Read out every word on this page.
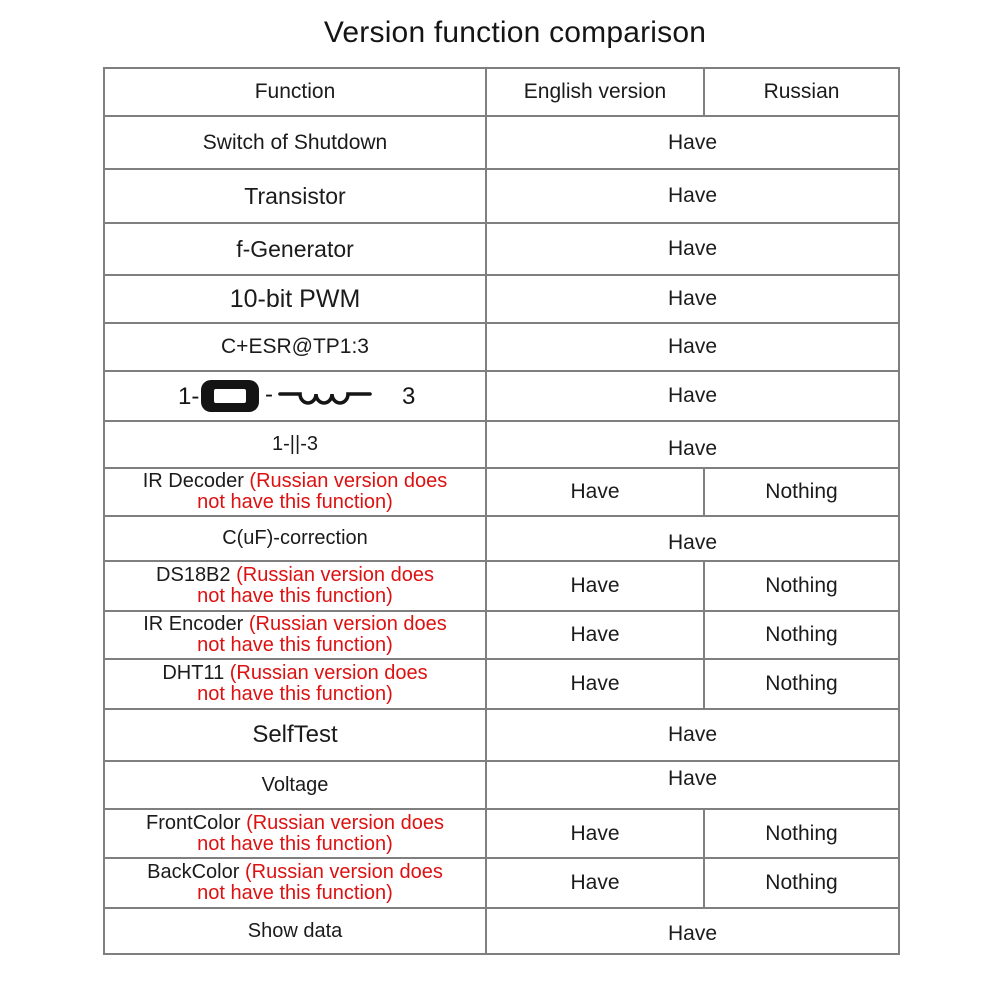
Version function comparison
Function	English version	Russian
Switch of Shutdown	Have	
Transistor	Have	
f-Generator	Have	
10-bit PWM	Have	
C+ESR@TP1:3	Have	

1- - 3	Have	
1-||-3	Have	
IR Decoder (Russian version does
not have this function)	Have	Nothing
C(uF)-correction	Have	
DS18B2 (Russian version does
not have this function)	Have	Nothing
IR Encoder (Russian version does
not have this function)	Have	Nothing
DHT11 (Russian version does
not have this function)	Have	Nothing
SelfTest	Have	
Voltage	Have	
FrontColor (Russian version does
not have this function)	Have	Nothing
BackColor (Russian version does
not have this function)	Have	Nothing
Show data	Have	
